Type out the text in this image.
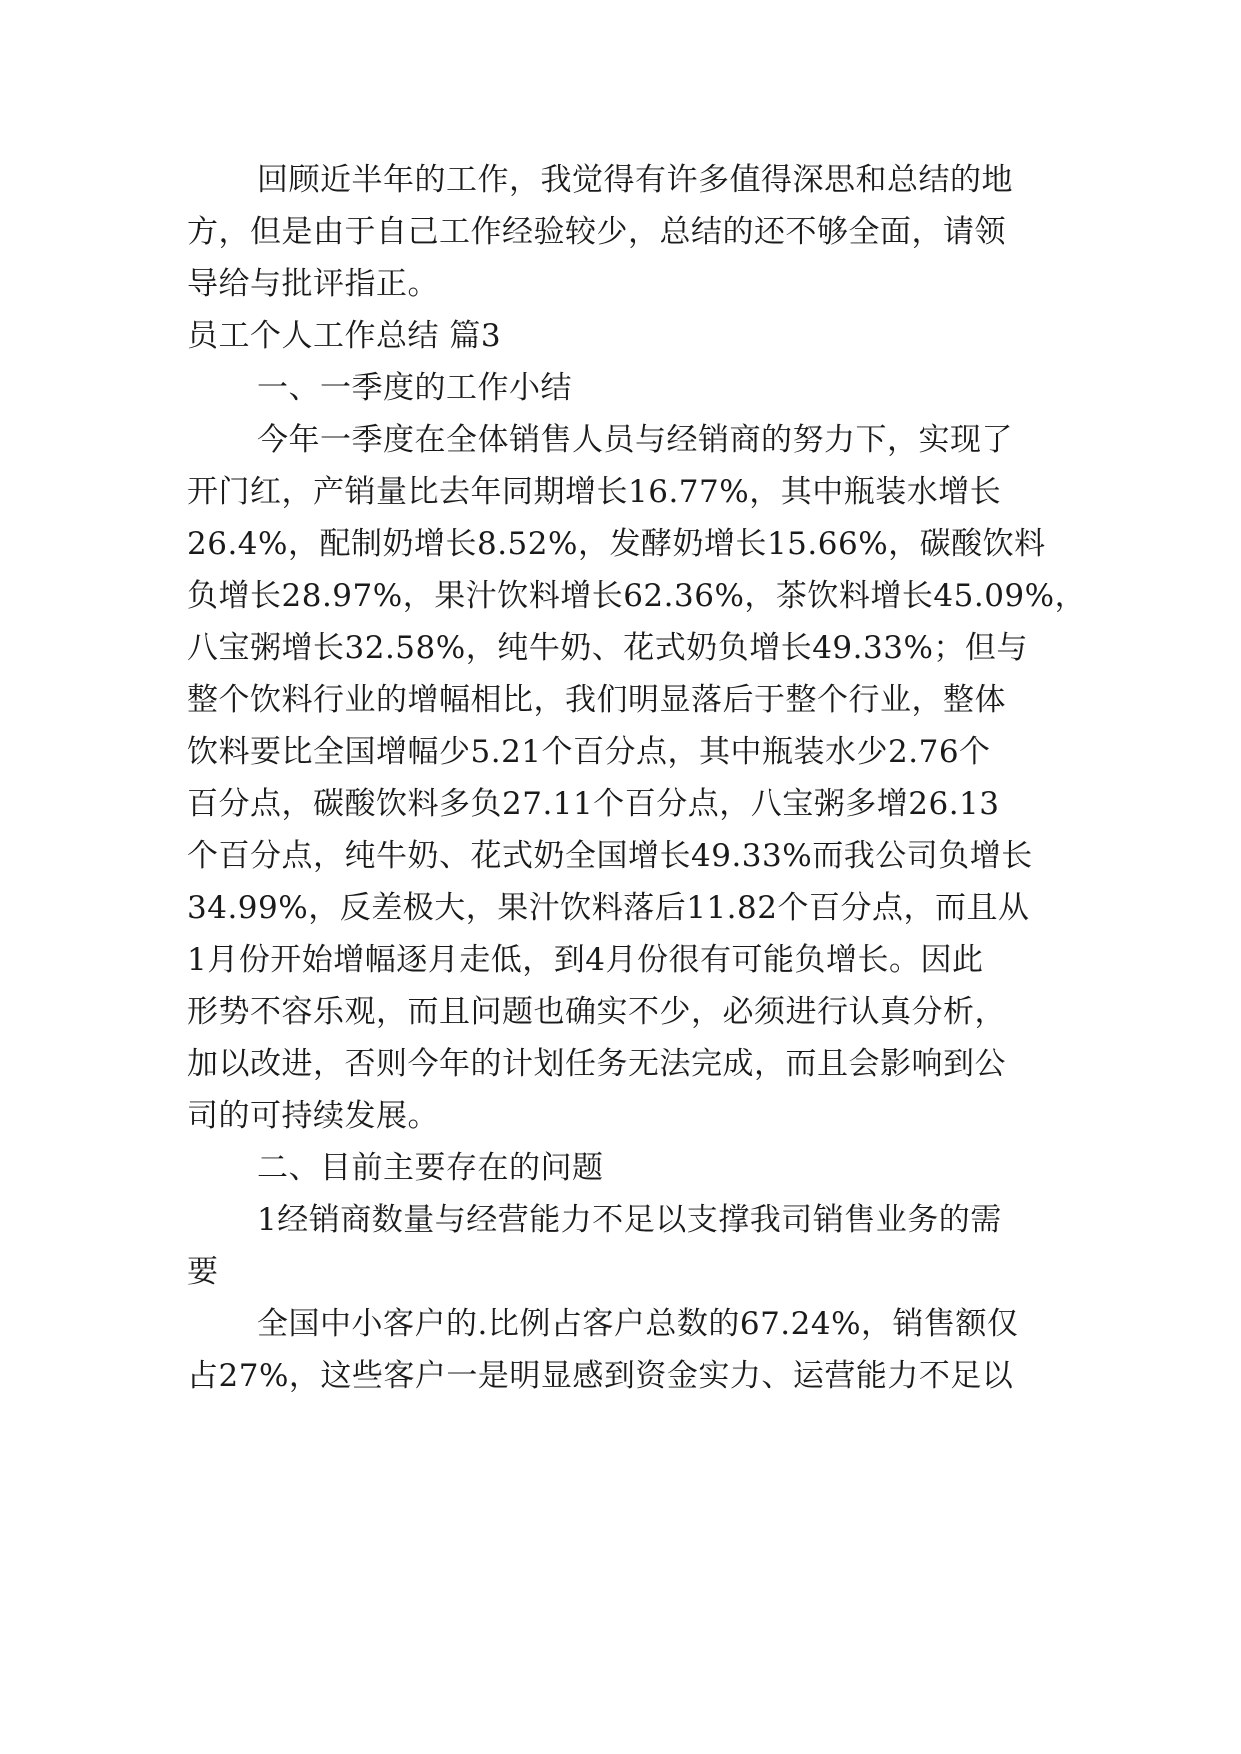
回顾近半年的工作，我觉得有许多值得深思和总结的地
方，但是由于自己工作经验较少，总结的还不够全面，请领
导给与批评指正。
员工个人工作总结 篇3
一、一季度的工作小结
今年一季度在全体销售人员与经销商的努力下，实现了
开门红，产销量比去年同期增长16.77%，其中瓶装水增长
26.4%，配制奶增长8.52%，发酵奶增长15.66%，碳酸饮料
负增长28.97%，果汁饮料增长62.36%，茶饮料增长45.09%，
八宝粥增长32.58%，纯牛奶、花式奶负增长49.33%；但与
整个饮料行业的增幅相比，我们明显落后于整个行业，整体
饮料要比全国增幅少5.21个百分点，其中瓶装水少2.76个
百分点，碳酸饮料多负27.11个百分点，八宝粥多增26.13
个百分点，纯牛奶、花式奶全国增长49.33%而我公司负增长
34.99%，反差极大，果汁饮料落后11.82个百分点，而且从
1月份开始增幅逐月走低，到4月份很有可能负增长。因此
形势不容乐观，而且问题也确实不少，必须进行认真分析，
加以改进，否则今年的计划任务无法完成，而且会影响到公
司的可持续发展。
二、目前主要存在的问题
1经销商数量与经营能力不足以支撑我司销售业务的需
要
全国中小客户的.比例占客户总数的67.24%，销售额仅
占27%，这些客户一是明显感到资金实力、运营能力不足以
